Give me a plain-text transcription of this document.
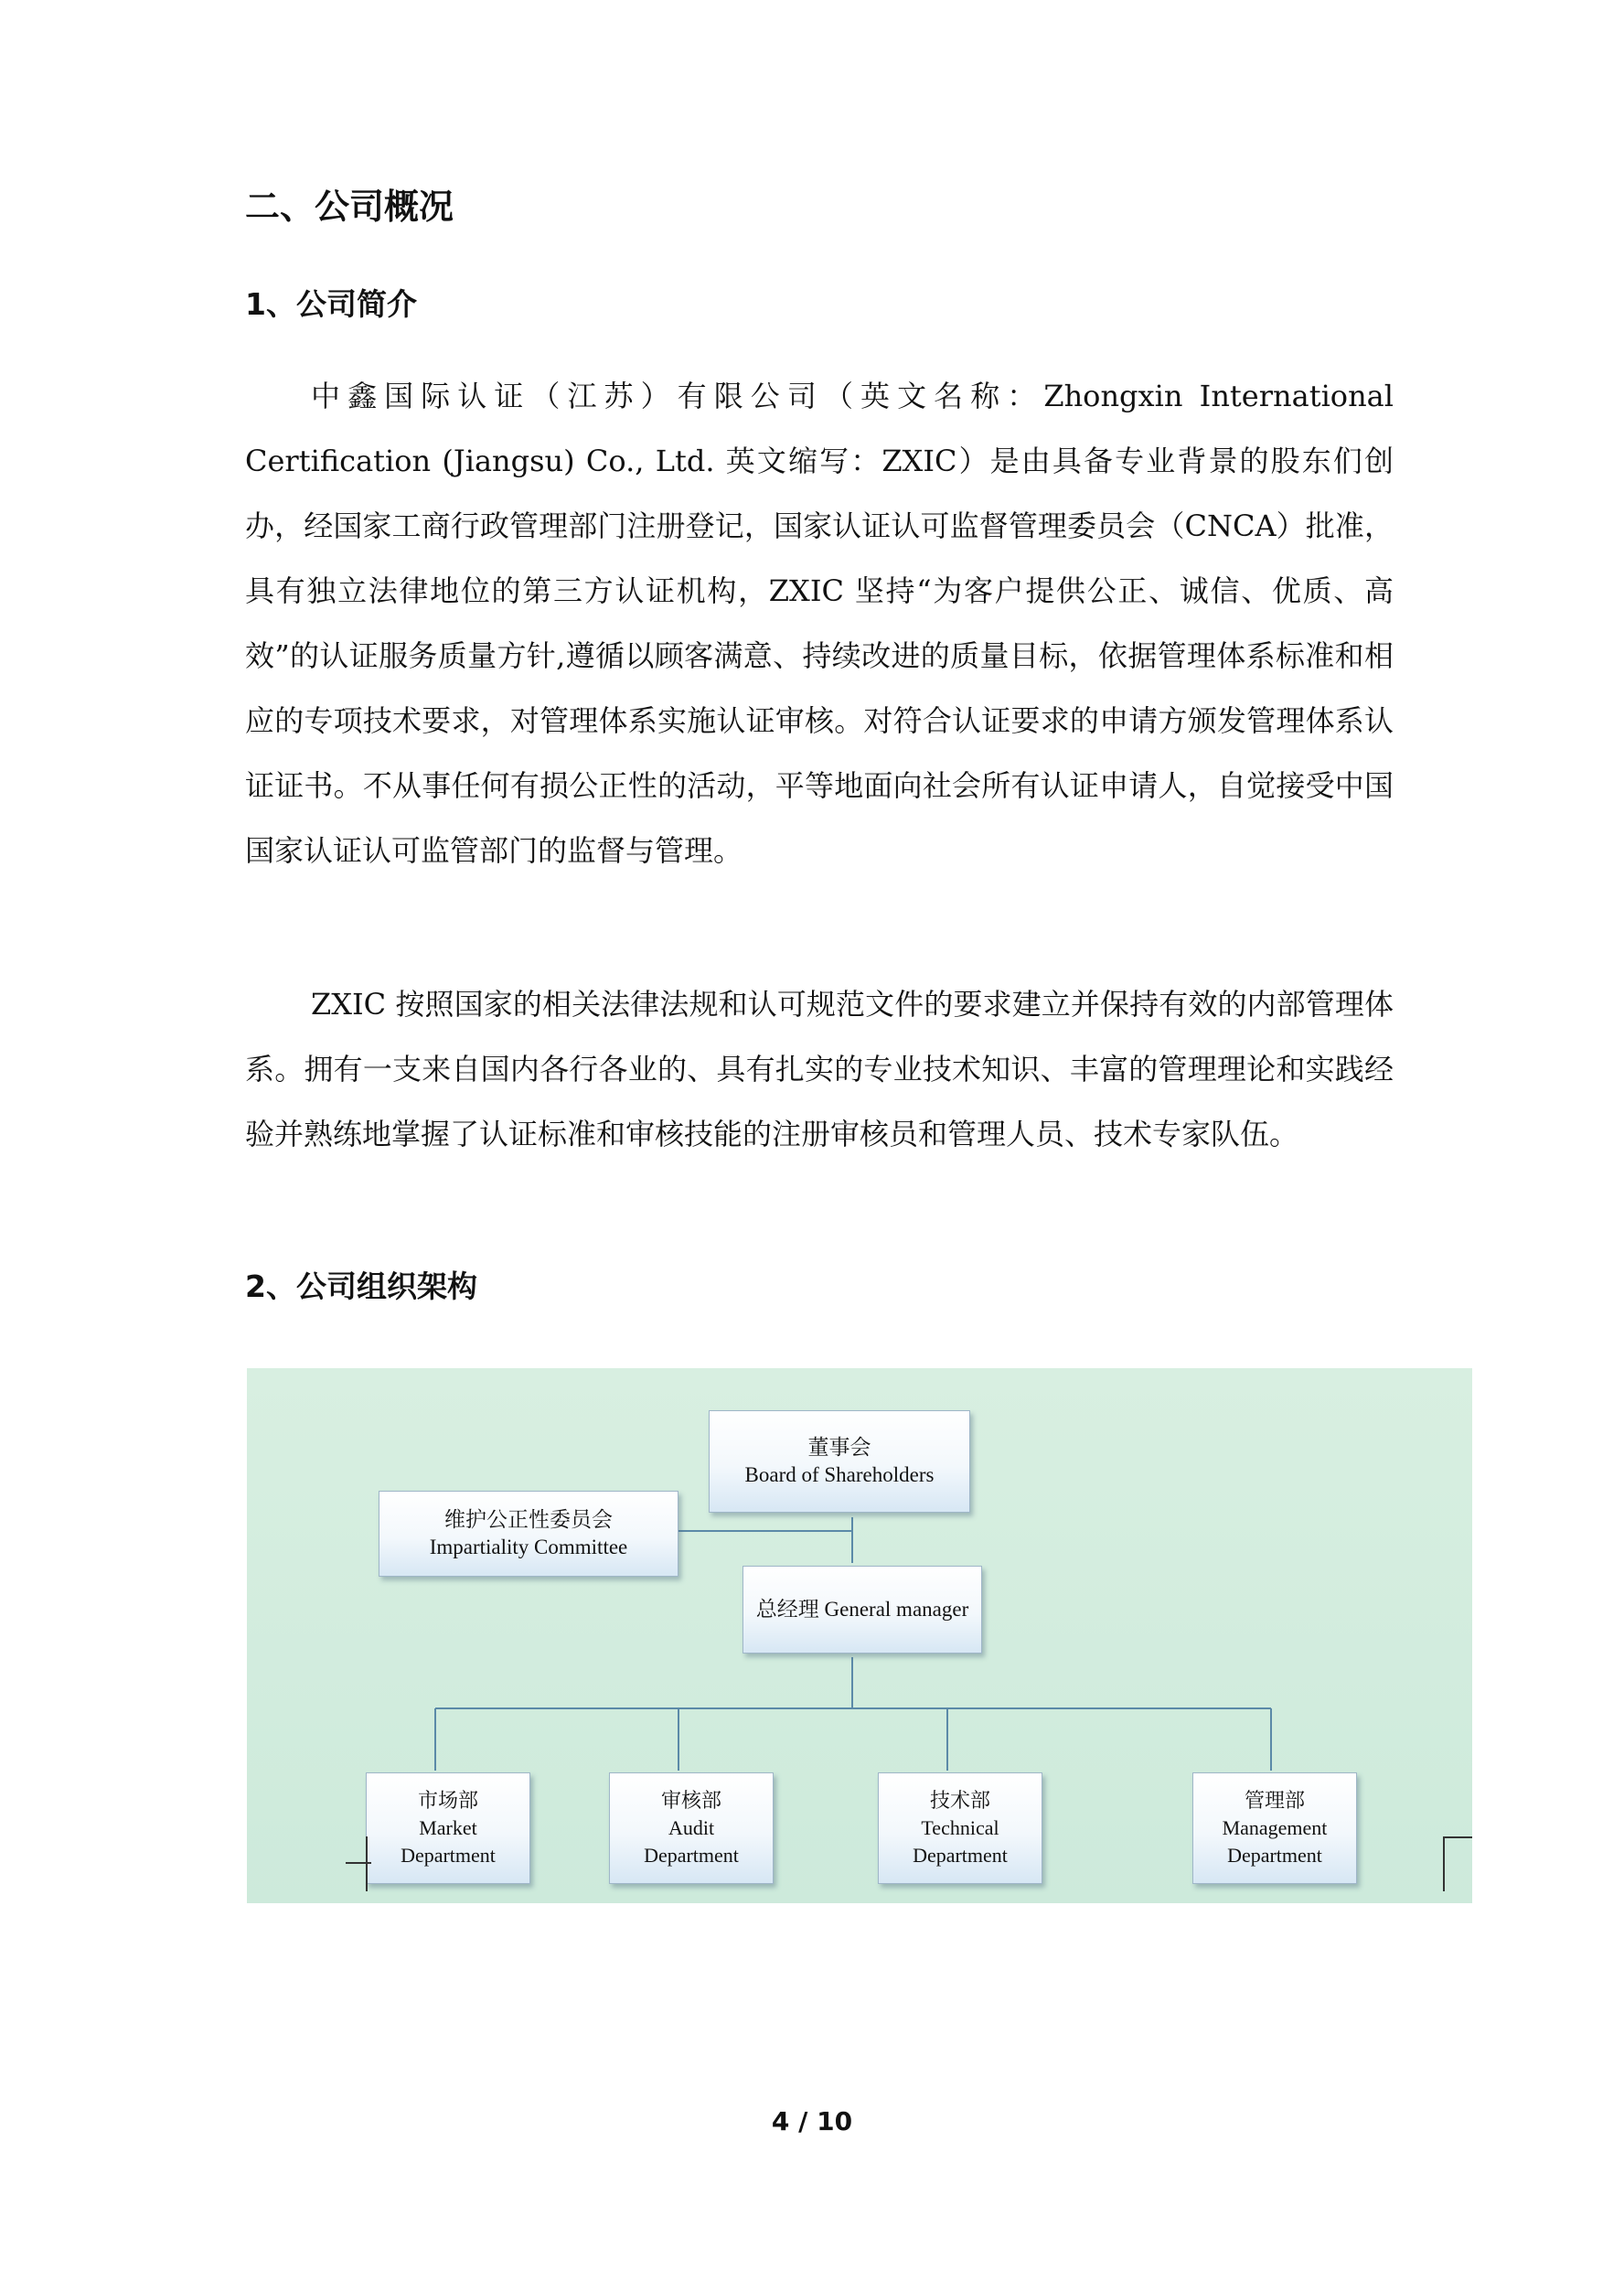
二、公司概况
1、公司简介

中鑫国际认证（江苏）有限公司（英文名称：Zhongxin International Certification (Jiangsu) Co., Ltd. 英文缩写：ZXIC）是由具备专业背景的股东们创办，经国家工商行政管理部门注册登记，国家认证认可监督管理委员会（CNCA）批准，具有独立法律地位的第三方认证机构，ZXIC 坚持“为客户提供公正、诚信、优质、高效”的认证服务质量方针,遵循以顾客满意、持续改进的质量目标，依据管理体系标准和相应的专项技术要求，对管理体系实施认证审核。对符合认证要求的申请方颁发管理体系认证证书。不从事任何有损公正性的活动，平等地面向社会所有认证申请人，自觉接受中国国家认证认可监管部门的监督与管理。

ZXIC 按照国家的相关法律法规和认可规范文件的要求建立并保持有效的内部管理体系。拥有一支来自国内各行各业的、具有扎实的专业技术知识、丰富的管理理论和实践经验并熟练地掌握了认证标准和审核技能的注册审核员和管理人员、技术专家队伍。

2、公司组织架构
董事会
Board of Shareholders
维护公正性委员会
Impartiality Committee
总经理 General manager
市场部
Market
Department
审核部
Audit
Department
技术部
Technical
Department
管理部
Management
Department
4 / 10
